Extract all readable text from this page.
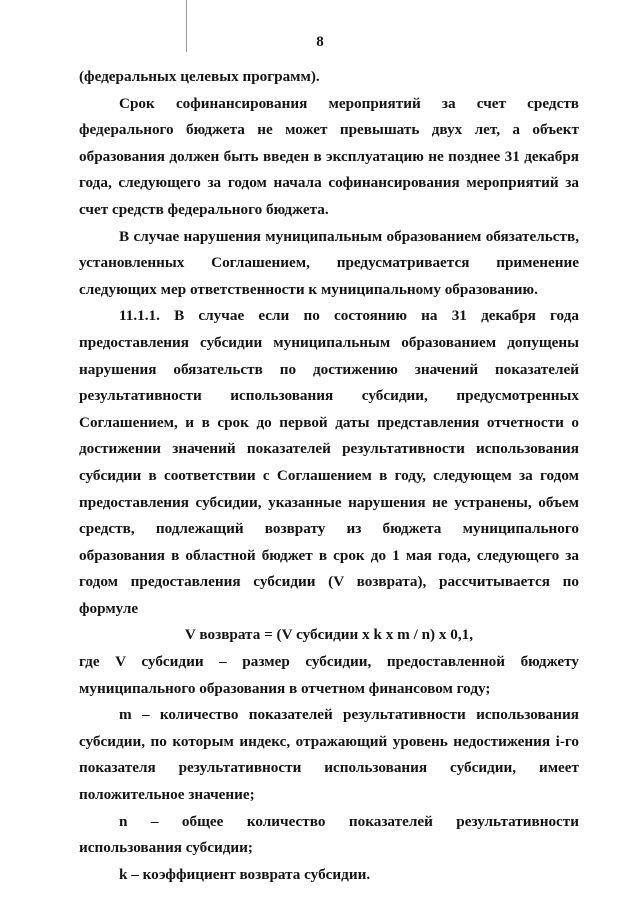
8

(федеральных целевых программ).

Срок софинансирования мероприятий за счет средств федерального бюджета не может превышать двух лет, а объект образования должен быть введен в эксплуатацию не позднее 31 декабря года, следующего за годом начала софинансирования мероприятий за счет средств федерального бюджета.

В случае нарушения муниципальным образованием обязательств, установленных Соглашением, предусматривается применение следующих мер ответственности к муниципальному образованию.

11.1.1. В случае если по состоянию на 31 декабря года предоставления субсидии муниципальным образованием допущены нарушения обязательств по достижению значений показателей результативности использования субсидии, предусмотренных Соглашением, и в срок до первой даты представления отчетности о достижении значений показателей результативности использования субсидии в соответствии с Соглашением в году, следующем за годом предоставления субсидии, указанные нарушения не устранены, объем средств, подлежащий возврату из бюджета муниципального образования в областной бюджет в срок до 1 мая года, следующего за годом предоставления субсидии (V возврата), рассчитывается по формуле

V возврата = (V субсидии x k x m / n) x 0,1,

где V субсидии – размер субсидии, предоставленной бюджету муниципального образования в отчетном финансовом году;

m – количество показателей результативности использования субсидии, по которым индекс, отражающий уровень недостижения i-го показателя результативности использования субсидии, имеет положительное значение;

n – общее количество показателей результативности использования субсидии;

k – коэффициент возврата субсидии.
